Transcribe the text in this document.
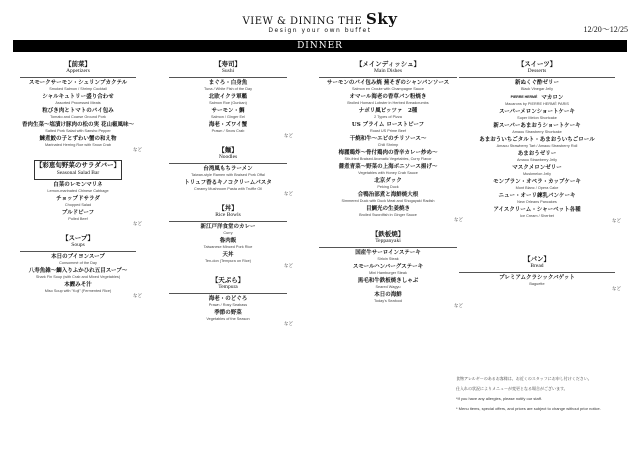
VIEW & DINING THE Sky
Design your own buffet	12/20～12/25
DINNER
【前菜】
Appetizers
スモークサーモン・シュリンプカクテル
Smoked Salmon / Shrimp Cocktail
シャルキュトリー盛り合わせ
Assorted Processed Meats
粒びき肉とトマトのパイ包み
Tomato and Coarse Ground Pork
香肉生菜～塩漬け豚肉の松の実 花山椒風味～
Salted Pork Salad with Sansho Pepper
鰊煮鮫の子とずわい蟹の和え物
Marinated Herring Roe with Snow Crab
など
【彩恵旬野菜のサラダバー】
Seasonal Salad Bar
白菜のレモンマリネ
Lemon-marinated Chinese Cabbage
チョップドサラダ
Chopped Salad
プルドビーフ
Pulled Beef
など
【スープ】
Soups
本日のブイヨンスープ
Consommé of the Day
八寿魚雑～鰤入りふかひれ五目スープ～
Shark Fin Soup (with Crab and Mixed Vegetables)
本鰹みそ汁
Miso Soup with "Koji" (Fermented Rice)
など
【寿司】
Sushi
まぐろ・白身魚
Tuna / White Fish of the Day
北欧イクラ軍艦
Salmon Roe (Gunkan)
サーモン・鯛
Salmon / Ginger Eel
海老・ズワイ蟹
Prawn / Snow Crab
など
【麺】
Noodles
台湾風もちラーメン
Taiwan-style Ramen with Braised Pork Offal
トリュフ香るキノコクリームパスタ
Creamy Mushroom Pasta with Truffle Oil
など
【丼】
Rice Bowls
新江戸洋食堂のカレー
Curry
魯肉飯
Taiwanese Minced Pork Rice
天丼
Ten-don (Tempura on Rice)
など
【天ぷら】
Tempura
海老・のどぐろ
Prawn / Rosy Seabass
季節の野菜
Vegetables of the Season
など
【メインディッシュ】
Main Dishes
サーモンのパイ包み焼 蕪そぎのシャンパンソース
Salmon en Croute with Champagne Sauce
オマール海老の香草パン粉焼き
Broiled Homard Lobster in Herbed Breadcrumbs
ナポリ風ピッツァ　2種
2 Types of Pizza
US プライム ローストビーフ
Roast US Prime Beef
干焼和牛～エビのチリソース～
Chili Shrimp
梅麗鶏炸～骨付鶏肉の香辛カレー炒め～
Stir-fried Braised Aromatic Vegetables, Curry Flavor
醤煮青菜～野菜の上海ボニソース揚げ～
Vegetables with Honey Crab Sauce
北京ダック
Peking Duck
合鴨治部煮と海鮮焼大根
Simmered Duck with Duck Meat and Shogayaki Radish
目鯛光の生姜焼き
Broiled Swordfish in Ginger Sauce
など
【鉄板焼】
Teppanyaki
国産牛サーロインステーキ
Sirloin Steak
スモールハンバーグステーキ
Mini Hamburger Steak
黒毛和牛鉄板焼きしゃぶ
Seared Wagyu
本日の海鮮
Today's Seafood
など
【スイーツ】
Desserts
新ぬくぐ酢ゼリー
Black Vinegar Jelly
PIERRE HERMÉ マカロン
Macarons by PIERRE HERMÉ PARIS
スーパーメロンショートケーキ
Super Melon Shortcake
新スーパーあまおうショートケーキ
Amaou Strawberry Shortcake
あまおういちごタルト・あまおういちごロール
Amaou Strawberry Tart / Amaou Strawberry Roll
あまおうゼリー
Amaou Strawberry Jelly
マスクメロンゼリー
Muskmelon Jelly
モンブラン・オペラ・カップケーキ
Mont Blanc / Opera Cake
ニュー・オーリ練乳パンケーキ
New Orleans Pancakes
アイスクリーム・シャーベット各種
Ice Cream / Sherbet
など
【パン】
Bread
プレミアムクラシックバゲット
Baguette
など
食物アレルギーのあるお客様は、お近くのスタッフにお申し付けください。
仕入れの状況によりメニューが変更となる場合がございます。
*If you have any allergies, please notify our staff.
* Menu items, special offers, and prices are subject to change without prior notice.
